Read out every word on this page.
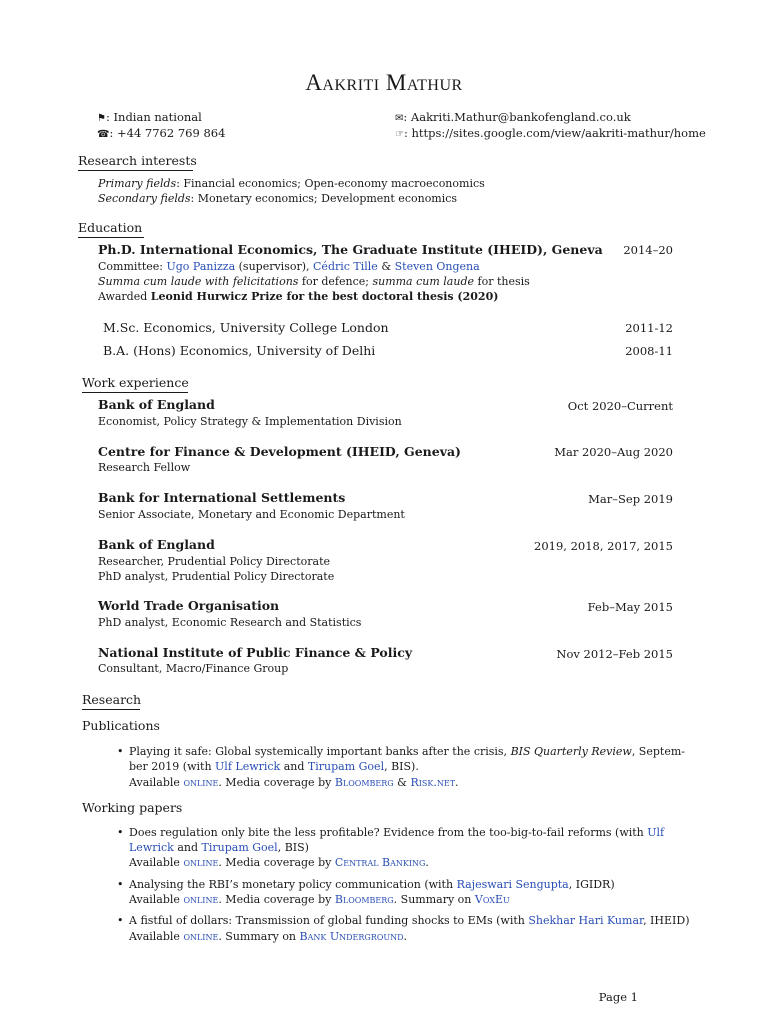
Aakriti Mathur
⚑: Indian national
☎: +44 7762 769 864
✉: Aakriti.Mathur@bankofengland.co.uk
☞: https://sites.google.com/view/aakriti-mathur/home
Research interests
Primary fields: Financial economics; Open-economy macroeconomics
Secondary fields: Monetary economics; Development economics
Education
Ph.D. International Economics, The Graduate Institute (IHEID), Geneva 2014–20
Committee: Ugo Panizza (supervisor), Cédric Tille & Steven Ongena
Summa cum laude with felicitations for defence; summa cum laude for thesis
Awarded Leonid Hurwicz Prize for the best doctoral thesis (2020)
M.Sc. Economics, University College London	2011-12
B.A. (Hons) Economics, University of Delhi	2008-11
Work experience
Bank of England	Oct 2020–Current
Economist, Policy Strategy & Implementation Division
Centre for Finance & Development (IHEID, Geneva)	Mar 2020–Aug 2020
Research Fellow
Bank for International Settlements	Mar–Sep 2019
Senior Associate, Monetary and Economic Department
Bank of England	2019, 2018, 2017, 2015
Researcher, Prudential Policy Directorate
PhD analyst, Prudential Policy Directorate
World Trade Organisation	Feb–May 2015
PhD analyst, Economic Research and Statistics
National Institute of Public Finance & Policy	Nov 2012–Feb 2015
Consultant, Macro/Finance Group
Research
Publications
• Playing it safe: Global systemically important banks after the crisis, BIS Quarterly Review, Septem-
ber 2019 (with Ulf Lewrick and Tirupam Goel, BIS).
Available online. Media coverage by Bloomberg & Risk.net.
Working papers
• Does regulation only bite the less profitable? Evidence from the too-big-to-fail reforms (with Ulf
Lewrick and Tirupam Goel, BIS)
Available online. Media coverage by Central Banking.
• Analysing the RBI’s monetary policy communication (with Rajeswari Sengupta, IGIDR)
Available online. Media coverage by Bloomberg. Summary on VoxEu
• A fistful of dollars: Transmission of global funding shocks to EMs (with Shekhar Hari Kumar, IHEID)
Available online. Summary on Bank Underground.
Page 1
